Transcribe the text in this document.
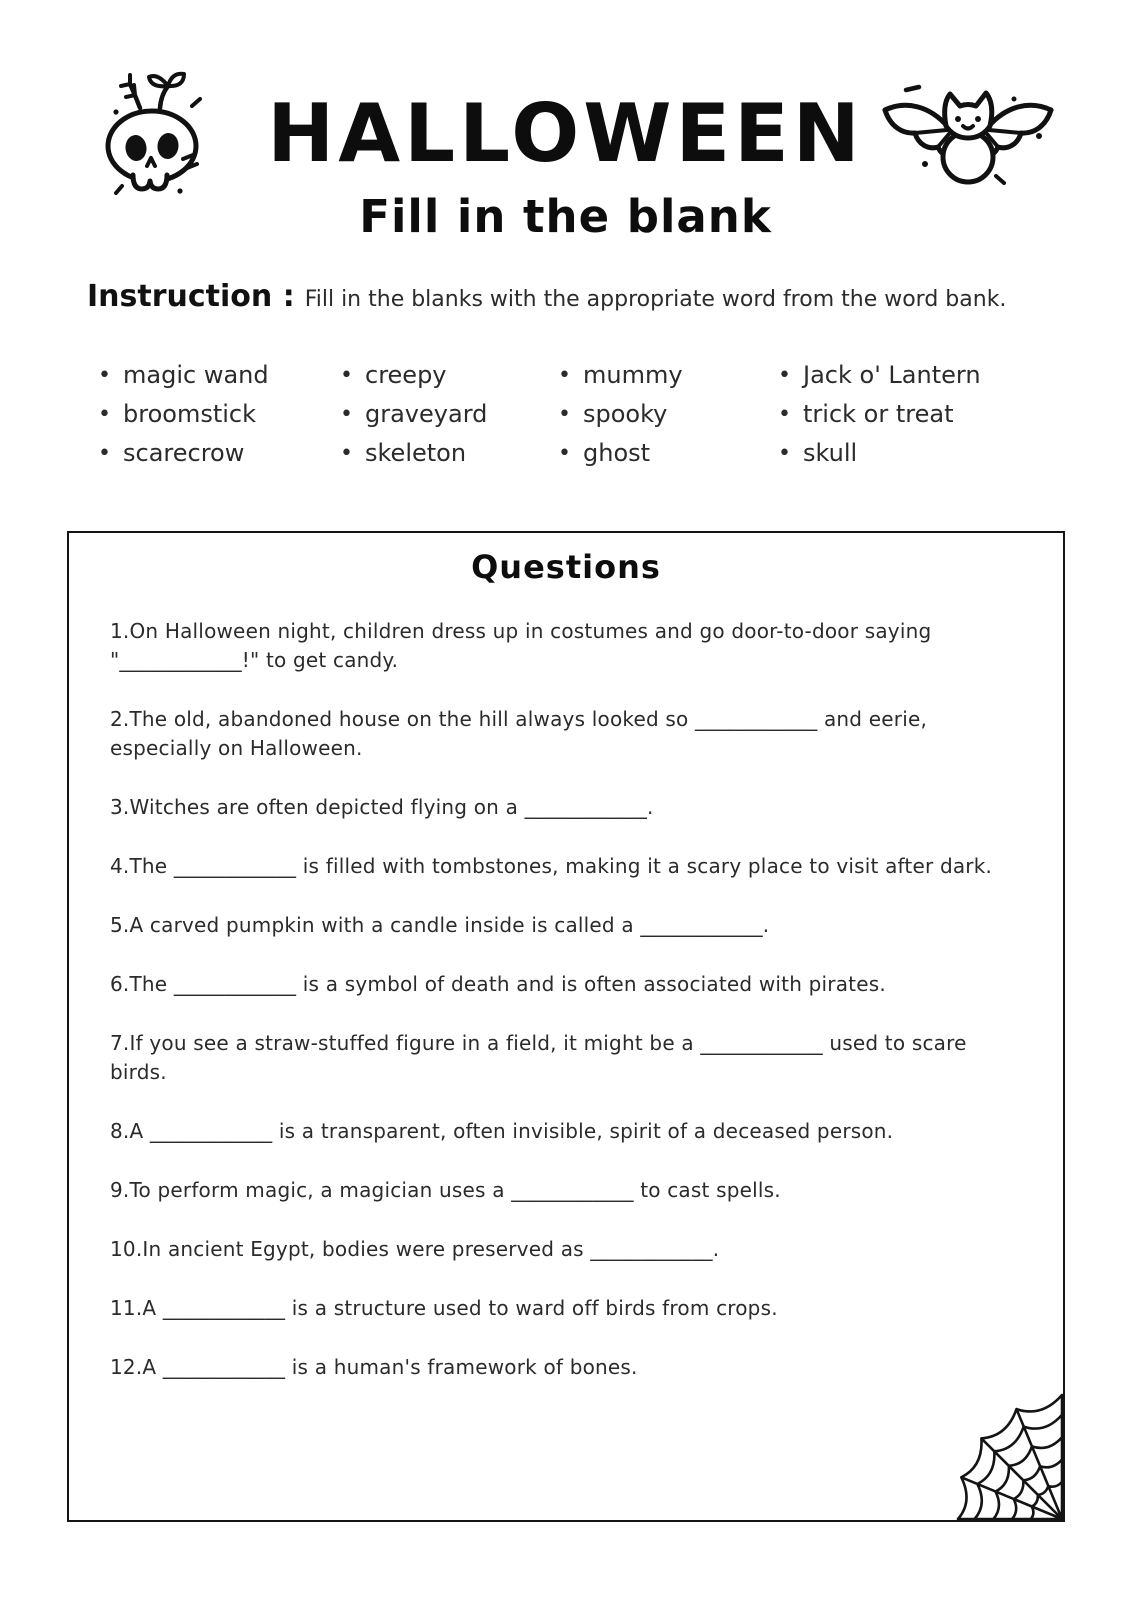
HALLOWEEN
Fill in the blank
Instruction : Fill in the blanks with the appropriate word from the word bank.
• magic wand
• broomstick
• scarecrow
• creepy
• graveyard
• skeleton
• mummy
• spooky
• ghost
• Jack o' Lantern
• trick or treat
• skull
Questions

1.On Halloween night, children dress up in costumes and go door-to-door saying "____________!" to get candy.

2.The old, abandoned house on the hill always looked so ____________ and eerie, especially on Halloween.

3.Witches are often depicted flying on a ____________.

4.The ____________ is filled with tombstones, making it a scary place to visit after dark.

5.A carved pumpkin with a candle inside is called a ____________.

6.The ____________ is a symbol of death and is often associated with pirates.

7.If you see a straw-stuffed figure in a field, it might be a ____________ used to scare birds.

8.A ____________ is a transparent, often invisible, spirit of a deceased person.

9.To perform magic, a magician uses a ____________ to cast spells.

10.In ancient Egypt, bodies were preserved as ____________.

11.A ____________ is a structure used to ward off birds from crops.

12.A ____________ is a human's framework of bones.
